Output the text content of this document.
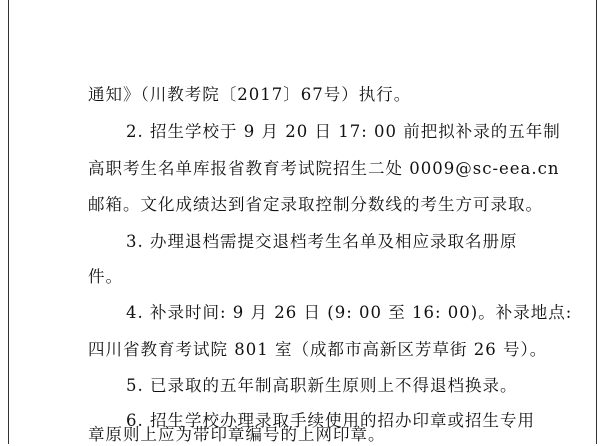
通知》（川教考院〔2017〕67号）执行。
2. 招生学校于 9 月 20 日 17: 00 前把拟补录的五年制
高职考生名单库报省教育考试院招生二处 0009@sc-eea.cn
邮箱。文化成绩达到省定录取控制分数线的考生方可录取。
3. 办理退档需提交退档考生名单及相应录取名册原
件。
4. 补录时间: 9 月 26 日 (9: 00 至 16: 00)。补录地点:
四川省教育考试院 801 室（成都市高新区芳草街 26 号）。
5. 已录取的五年制高职新生原则上不得退档换录。
6. 招生学校办理录取手续使用的招办印章或招生专用
章原则上应为带印章编号的上网印章。
